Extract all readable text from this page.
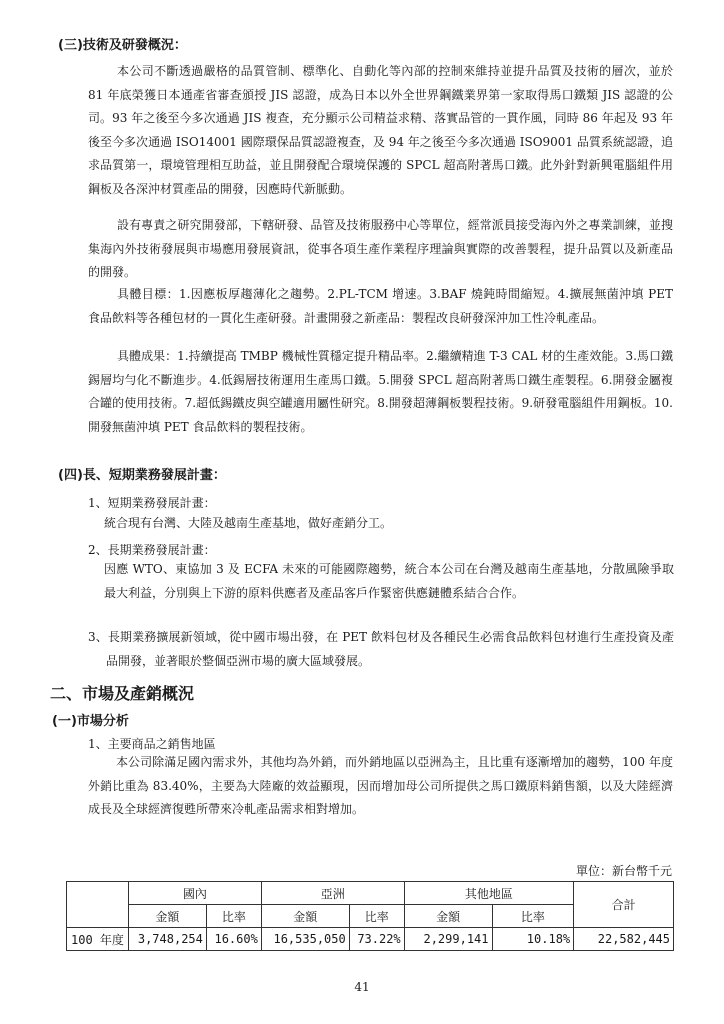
(三)技術及研發概況：

本公司不斷透過嚴格的品質管制、標準化、自動化等內部的控制來維持並提升品質及技術的層次，並於 81 年底榮獲日本通產省審查頒授 JIS 認證，成為日本以外全世界鋼鐵業界第一家取得馬口鐵類 JIS 認證的公司。93 年之後至今多次通過 JIS 複查，充分顯示公司精益求精、落實品管的一貫作風，同時 86 年起及 93 年後至今多次通過 ISO14001 國際環保品質認證複查，及 94 年之後至今多次通過 ISO9001 品質系統認證，追求品質第一，環境管理相互助益，並且開發配合環境保護的 SPCL 超高附著馬口鐵。此外針對新興電腦組件用鋼板及各深沖材質產品的開發，因應時代新脈動。

設有專責之研究開發部，下轄研發、品管及技術服務中心等單位，經常派員接受海內外之專業訓練，並搜集海內外技術發展與市場應用發展資訊，從事各項生產作業程序理論與實際的改善製程，提升品質以及新產品的開發。

具體目標：1.因應板厚趨薄化之趨勢。2.PL-TCM 增速。3.BAF 燒鈍時間縮短。4.擴展無菌沖填 PET 食品飲料等各種包材的一貫化生產研發。計畫開發之新產品：製程改良研發深沖加工性冷軋產品。

具體成果：1.持續提高 TMBP 機械性質穩定提升精品率。2.繼續精進 T-3 CAL 材的生產效能。3.馬口鐵錫層均勻化不斷進步。4.低錫層技術運用生產馬口鐵。5.開發 SPCL 超高附著馬口鐵生產製程。6.開發金屬複合罐的使用技術。7.超低錫鐵皮與空罐適用屬性研究。8.開發超薄鋼板製程技術。9.研發電腦組件用鋼板。10.開發無菌沖填 PET 食品飲料的製程技術。

(四)長、短期業務發展計畫：
1、短期業務發展計畫：

統合現有台灣、大陸及越南生產基地，做好產銷分工。

2、長期業務發展計畫：

因應 WTO、東協加 3 及 ECFA 未來的可能國際趨勢，統合本公司在台灣及越南生產基地，分散風險爭取最大利益，分別與上下游的原料供應者及產品客戶作緊密供應鏈體系結合合作。

3、長期業務擴展新領域，從中國市場出發，在 PET 飲料包材及各種民生必需食品飲料包材進行生產投資及產品開發，並著眼於整個亞洲市場的廣大區域發展。

二、市場及產銷概況
(一)市場分析
1、主要商品之銷售地區

本公司除滿足國內需求外，其他均為外銷，而外銷地區以亞洲為主，且比重有逐漸增加的趨勢，100 年度外銷比重為 83.40%，主要為大陸廠的效益顯現，因而增加母公司所提供之馬口鐵原料銷售額，以及大陸經濟成長及全球經濟復甦所帶來冷軋產品需求相對增加。

單位：新台幣千元
	國內		亞洲		其他地區		合計
	金額	比率	金額	比率	金額	比率	
100 年度	3,748,254	16.60%	16,535,050	73.22%	2,299,141	10.18%	22,582,445
41
